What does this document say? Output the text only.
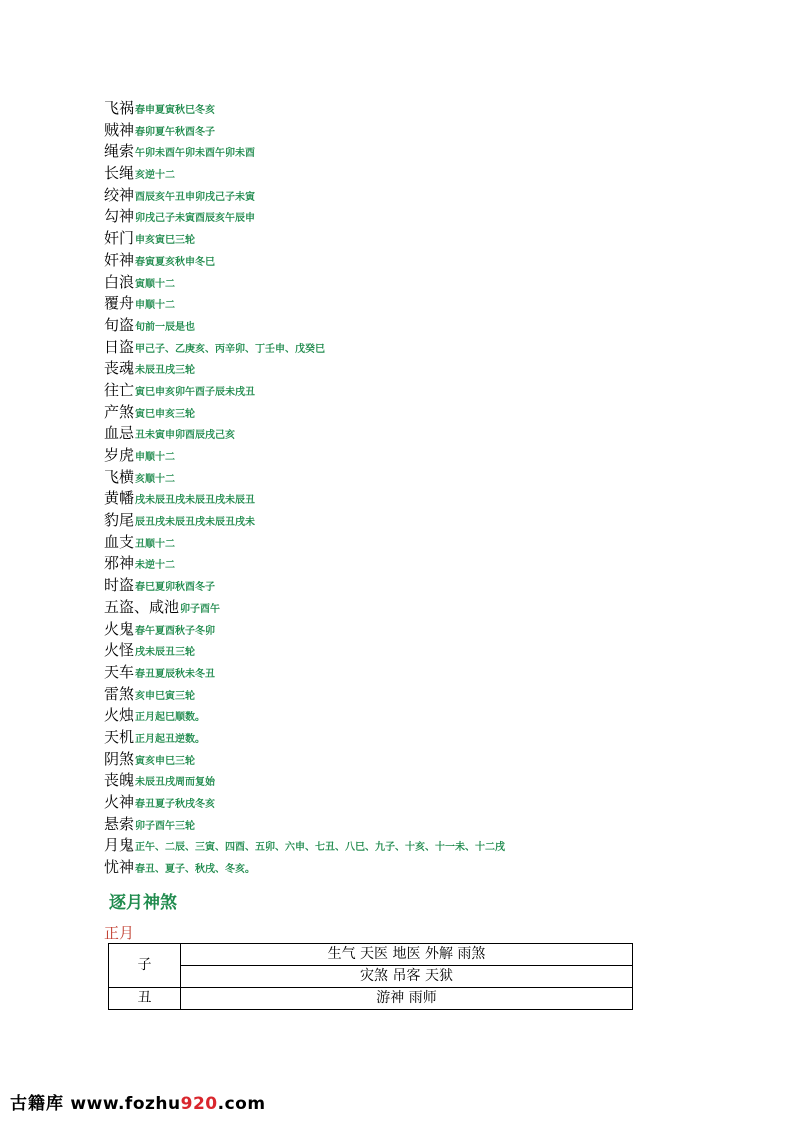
飞祸春申夏寅秋巳冬亥
贼神春卯夏午秋酉冬子
绳索午卯未酉午卯未酉午卯未酉
长绳亥逆十二
绞神酉辰亥午丑申卯戌己子未寅
勾神卯戌己子未寅酉辰亥午辰申
奸门申亥寅巳三轮
奸神春寅夏亥秋申冬巳
白浪寅顺十二
覆舟申顺十二
旬盗旬前一辰是也
日盗甲己子、乙庚亥、丙辛卯、丁壬申、戊癸巳
丧魂未辰丑戌三轮
往亡寅巳申亥卯午酉子辰未戌丑
产煞寅巳申亥三轮
血忌丑未寅申卯酉辰戌己亥
岁虎申顺十二
飞横亥顺十二
黄幡戌未辰丑戌未辰丑戌未辰丑
豹尾辰丑戌未辰丑戌未辰丑戌未
血支丑顺十二
邪神未逆十二
时盗春巳夏卯秋酉冬子
五盗、咸池卯子酉午
火鬼春午夏酉秋子冬卯
火怪戌未辰丑三轮
天车春丑夏辰秋未冬丑
雷煞亥申巳寅三轮
火烛正月起巳顺数。
天机正月起丑逆数。
阴煞寅亥申巳三轮
丧魄未辰丑戌周而复始
火神春丑夏子秋戌冬亥
悬索卯子酉午三轮
月鬼正午、二辰、三寅、四酉、五卯、六申、七丑、八巳、九子、十亥、十一未、十二戌
忧神春丑、夏子、秋戌、冬亥。
逐月神煞
正月
子	生气 天医 地医 外解 雨煞
	灾煞 吊客 天狱
丑	游神 雨师
古籍库 www.fozhu920.com
